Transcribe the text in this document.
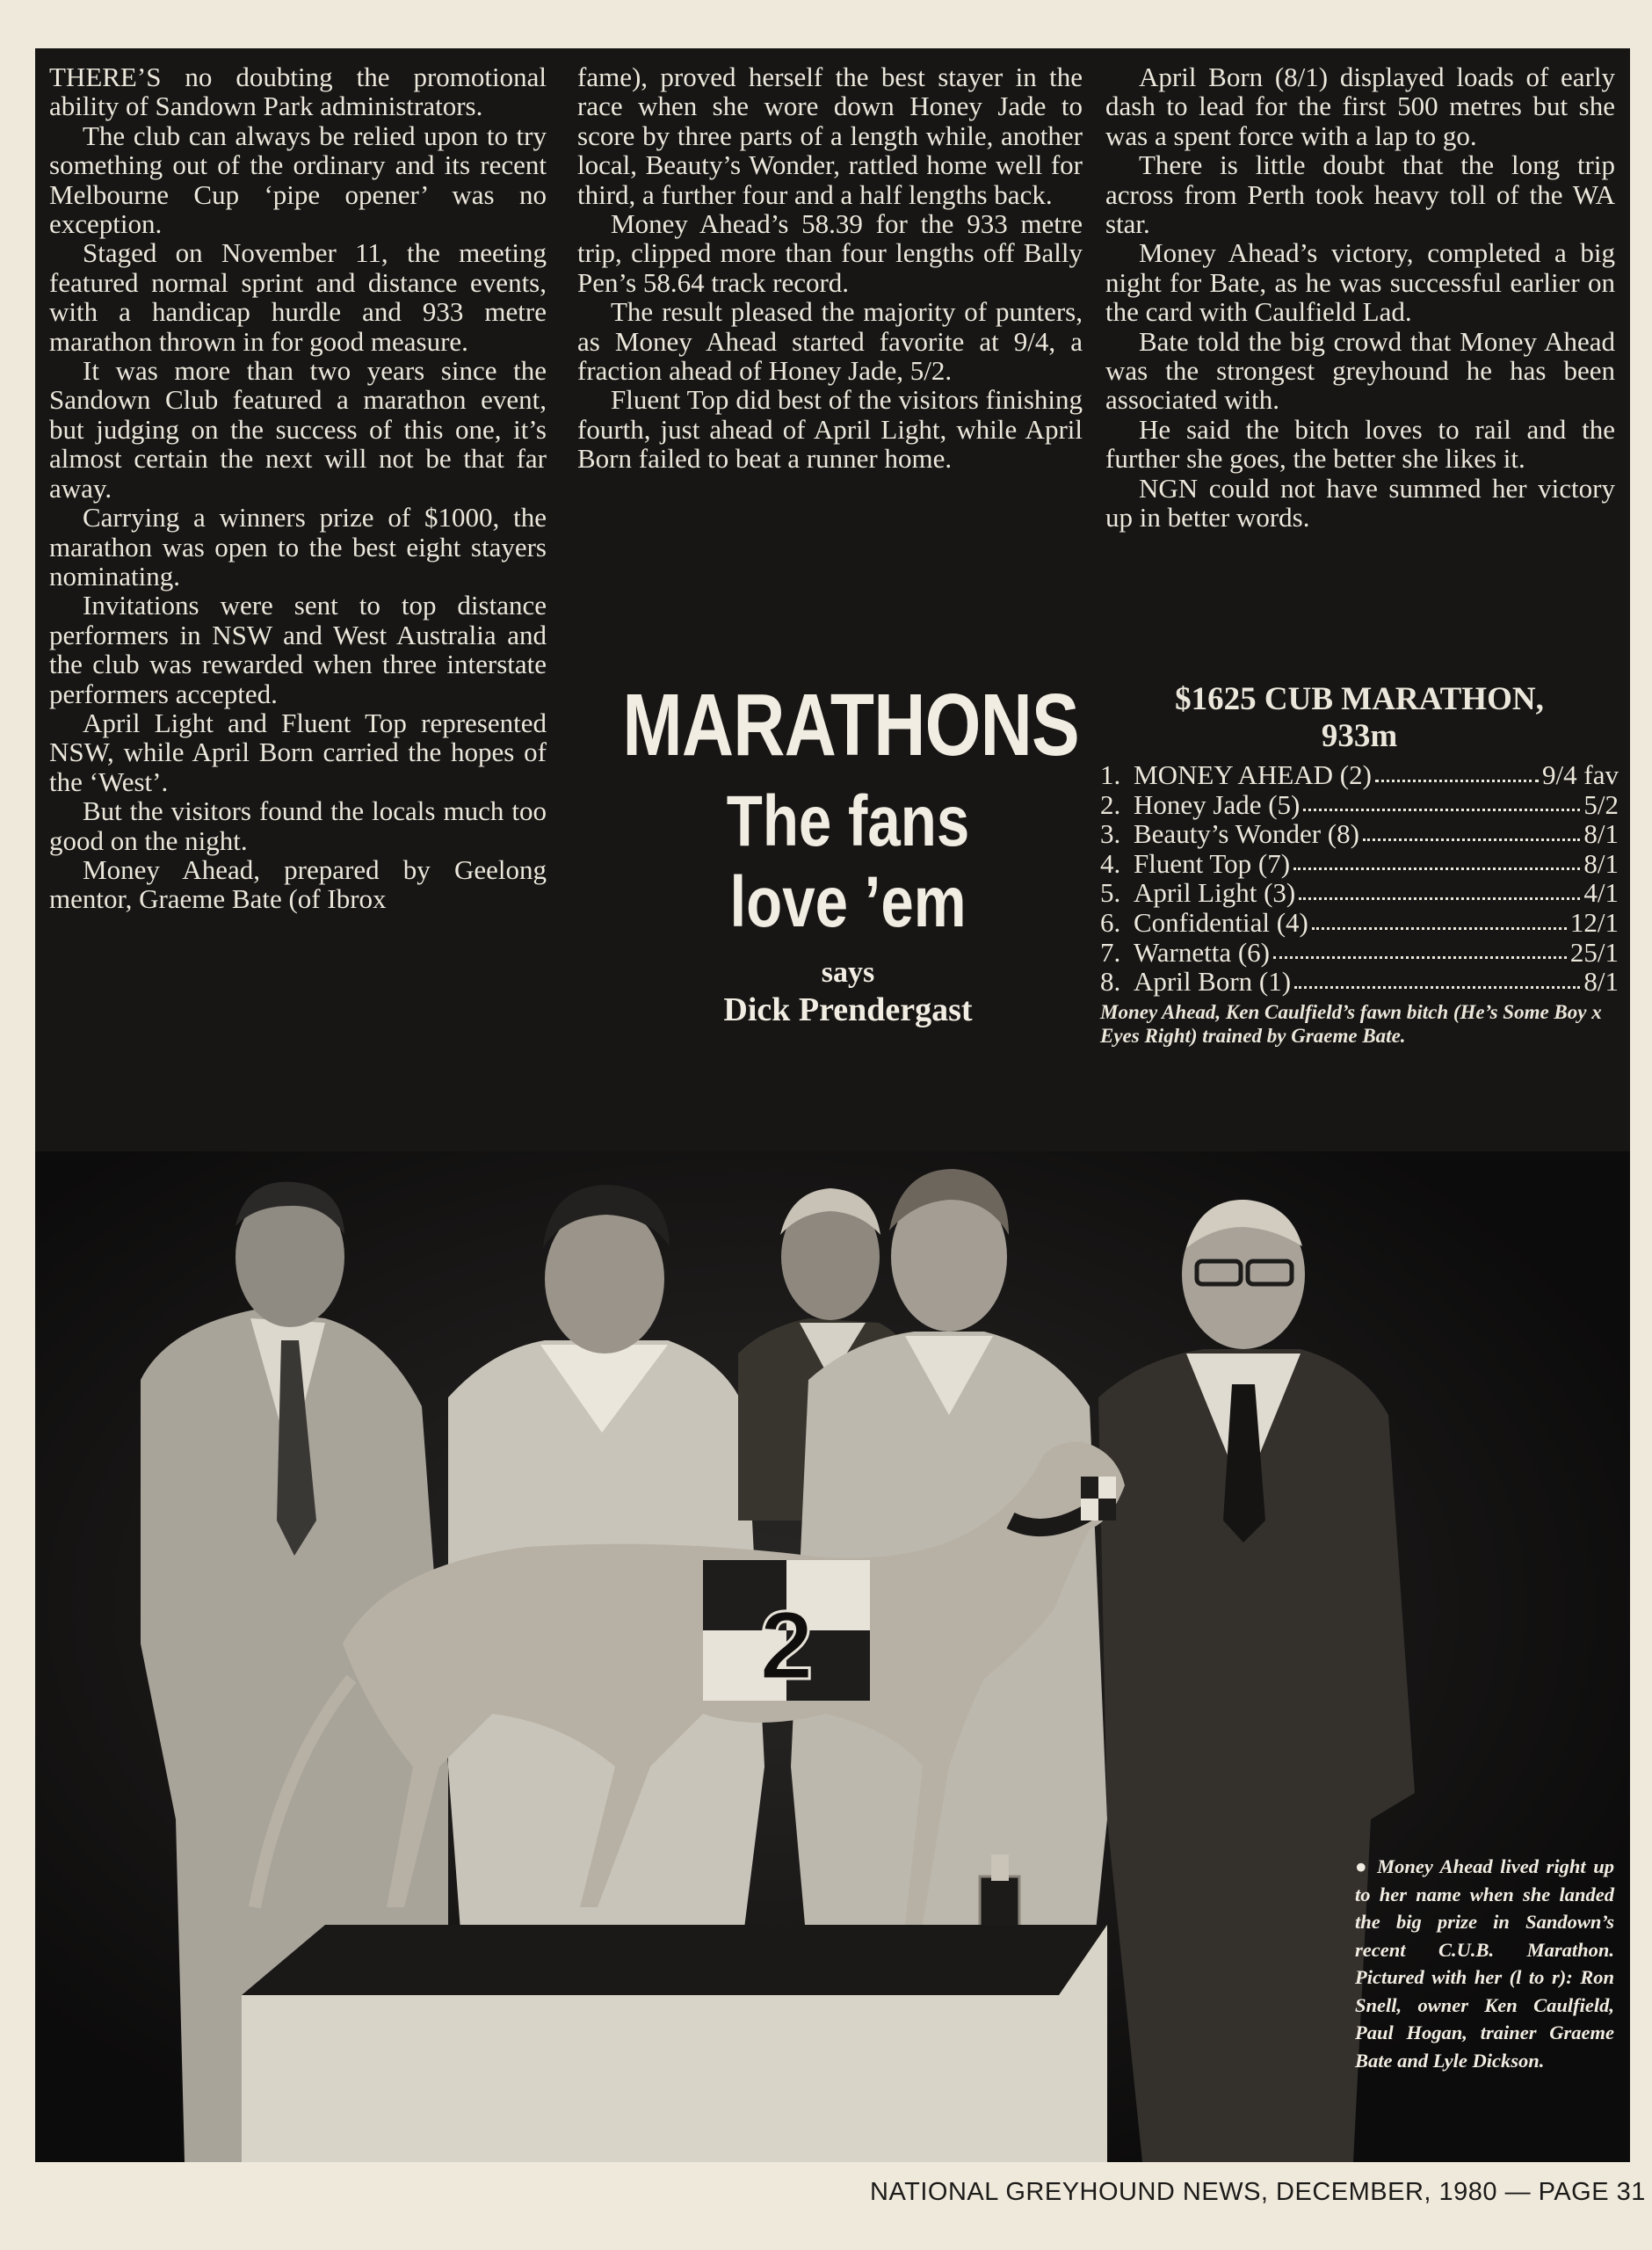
THERE’S no doubting the promotional ability of Sandown Park administrators.

The club can always be relied upon to try something out of the ordinary and its recent Melbourne Cup ‘pipe opener’ was no exception.

Staged on November 11, the meeting featured normal sprint and distance events, with a handicap hurdle and 933 metre marathon thrown in for good measure.

It was more than two years since the Sandown Club featured a marathon event, but judging on the success of this one, it’s almost certain the next will not be that far away.

Carrying a winners prize of $1000, the marathon was open to the best eight stayers nominating.

Invitations were sent to top distance performers in NSW and West Australia and the club was rewarded when three interstate performers accepted.

April Light and Fluent Top represented NSW, while April Born carried the hopes of the ‘West’.

But the visitors found the locals much too good on the night.

Money Ahead, prepared by Geelong mentor, Graeme Bate (of Ibrox

fame), proved herself the best stayer in the race when she wore down Honey Jade to score by three parts of a length while, another local, Beauty’s Wonder, rattled home well for third, a further four and a half lengths back.

Money Ahead’s 58.39 for the 933 metre trip, clipped more than four lengths off Bally Pen’s 58.64 track record.

The result pleased the majority of punters, as Money Ahead started favorite at 9/4, a fraction ahead of Honey Jade, 5/2.

Fluent Top did best of the visitors finishing fourth, just ahead of April Light, while April Born failed to beat a runner home.

April Born (8/1) displayed loads of early dash to lead for the first 500 metres but she was a spent force with a lap to go.

There is little doubt that the long trip across from Perth took heavy toll of the WA star.

Money Ahead’s victory, completed a big night for Bate, as he was successful earlier on the card with Caulfield Lad.

Bate told the big crowd that Money Ahead was the strongest greyhound he has been associated with.

He said the bitch loves to rail and the further she goes, the better she likes it.

NGN could not have summed her victory up in better words.

MARATHONS
The fans
love ’em
says
Dick Prendergast
$1625 CUB MARATHON,
933m
1. MONEY AHEAD (2)	9/4 fav
2. Honey Jade (5)	5/2
3. Beauty’s Wonder (8)	8/1
4. Fluent Top (7)	8/1
5. April Light (3)	4/1
6. Confidential (4)	12/1
7. Warnetta (6)	25/1
8. April Born (1)	8/1
Money Ahead, Ken Caulfield’s fawn bitch (He’s Some Boy x Eyes Right) trained by Graeme Bate.
2
● Money Ahead lived right up to her name when she landed the big prize in Sandown’s recent C.U.B. Marathon. Pictured with her (l to r): Ron Snell, owner Ken Caulfield, Paul Hogan, trainer Graeme Bate and Lyle Dickson.
NATIONAL GREYHOUND NEWS, DECEMBER, 1980 — PAGE 31
